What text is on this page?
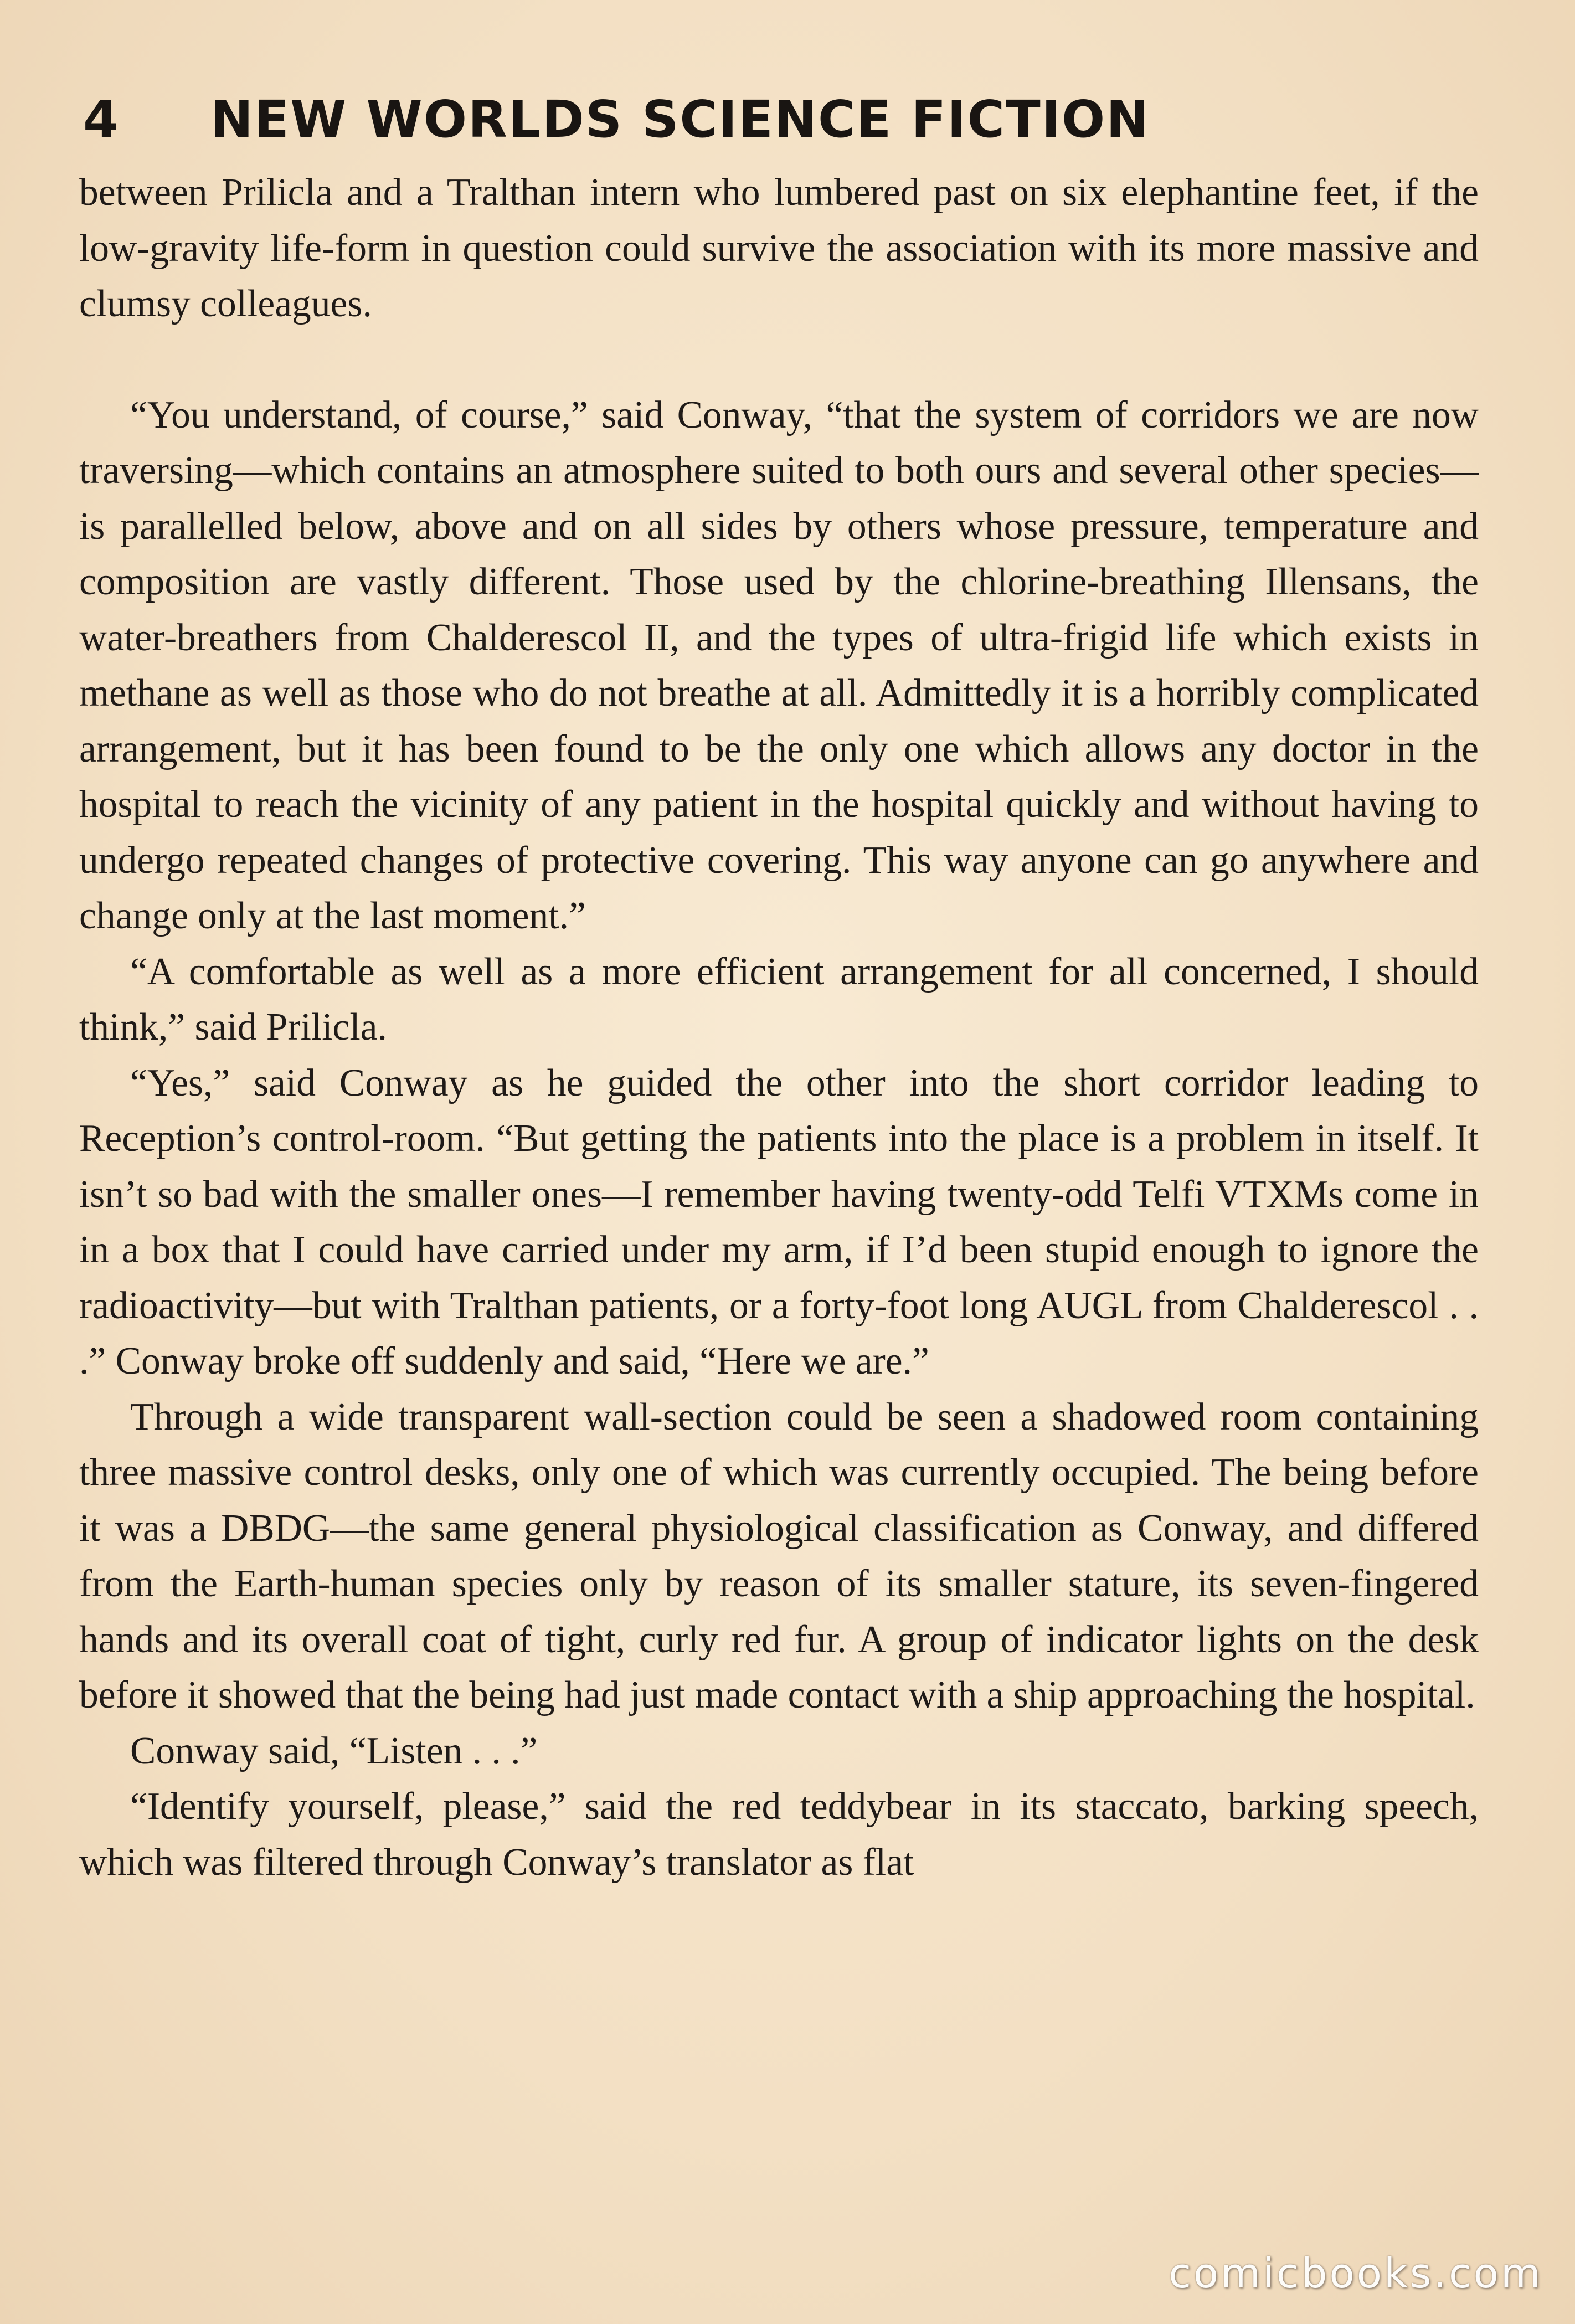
4	NEW WORLDS SCIENCE FICTION

between Prilicla and a Tralthan intern who lumbered past on six elephantine feet, if the low-gravity life-form in question could survive the association with its more massive and clumsy colleagues.

“You understand, of course,” said Conway, “that the system of corridors we are now traversing—which contains an atmosphere suited to both ours and several other species—is parallelled below, above and on all sides by others whose pressure, temperature and composition are vastly different. Those used by the chlorine-breathing Illensans, the water-breathers from Chalderescol II, and the types of ultra-frigid life which exists in methane as well as those who do not breathe at all. Admittedly it is a horribly complicated arrangement, but it has been found to be the only one which allows any doctor in the hospital to reach the vicinity of any patient in the hospital quickly and without having to undergo repeated changes of protective covering. This way anyone can go anywhere and change only at the last moment.”

“A comfortable as well as a more efficient arrangement for all concerned, I should think,” said Prilicla.

“Yes,” said Conway as he guided the other into the short corridor leading to Reception’s control-room. “But getting the patients into the place is a problem in itself. It isn’t so bad with the smaller ones—I remember having twenty-odd Telfi VTXMs come in in a box that I could have carried under my arm, if I’d been stupid enough to ignore the radioactivity—but with Tralthan patients, or a forty-foot long AUGL from Chalderescol . . .” Conway broke off suddenly and said, “Here we are.”

Through a wide transparent wall-section could be seen a shadowed room containing three massive control desks, only one of which was currently occupied. The being before it was a DBDG—the same general physiological classification as Conway, and differed from the Earth-human species only by reason of its smaller stature, its seven-fingered hands and its overall coat of tight, curly red fur. A group of indicator lights on the desk before it showed that the being had just made contact with a ship approaching the hospital.

Conway said, “Listen . . .”

“Identify yourself, please,” said the red teddybear in its staccato, barking speech, which was filtered through Conway’s translator as flat

comicbooks.com
